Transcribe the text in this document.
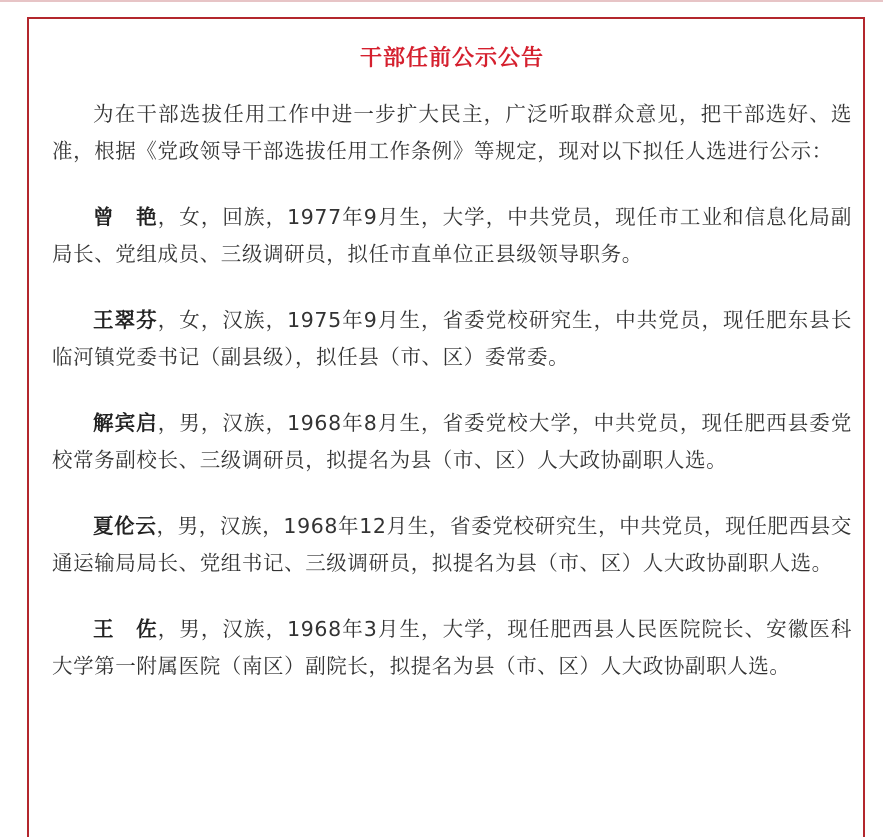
干部任前公示公告

为在干部选拔任用工作中进一步扩大民主，广泛听取群众意见，把干部选好、选准，根据《党政领导干部选拔任用工作条例》等规定，现对以下拟任人选进行公示：

曾　艳，女，回族，1977年9月生，大学，中共党员，现任市工业和信息化局副局长、党组成员、三级调研员，拟任市直单位正县级领导职务。

王翠芬，女，汉族，1975年9月生，省委党校研究生，中共党员，现任肥东县长临河镇党委书记（副县级），拟任县（市、区）委常委。

解宾启，男，汉族，1968年8月生，省委党校大学，中共党员，现任肥西县委党校常务副校长、三级调研员，拟提名为县（市、区）人大政协副职人选。

夏伦云，男，汉族，1968年12月生，省委党校研究生，中共党员，现任肥西县交通运输局局长、党组书记、三级调研员，拟提名为县（市、区）人大政协副职人选。

王　佐，男，汉族，1968年3月生，大学，现任肥西县人民医院院长、安徽医科大学第一附属医院（南区）副院长，拟提名为县（市、区）人大政协副职人选。
